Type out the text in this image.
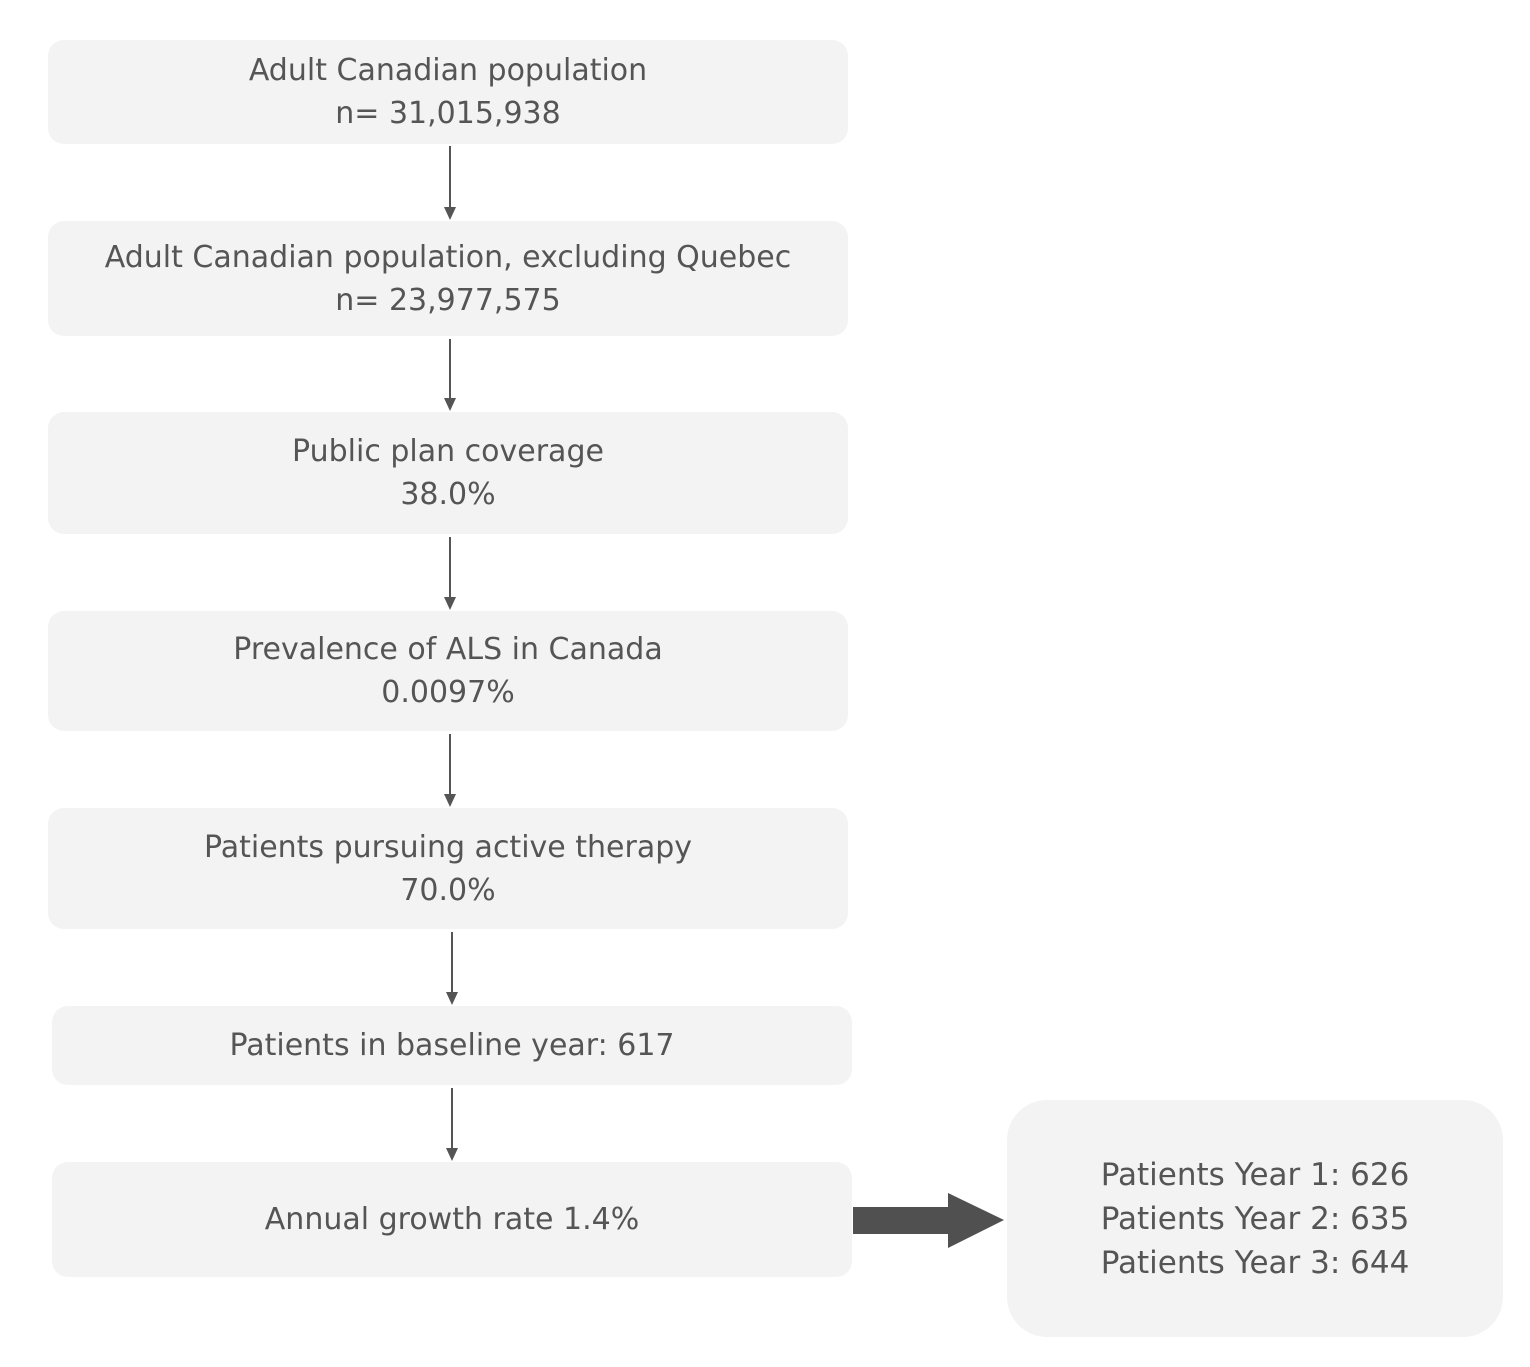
Adult Canadian population
n= 31,015,938
Adult Canadian population, excluding Quebec
n= 23,977,575
Public plan coverage
38.0%
Prevalence of ALS in Canada
0.0097%
Patients pursuing active therapy
70.0%
Patients in baseline year: 617
Annual growth rate 1.4%
Patients Year 1: 626
Patients Year 2: 635
Patients Year 3: 644
